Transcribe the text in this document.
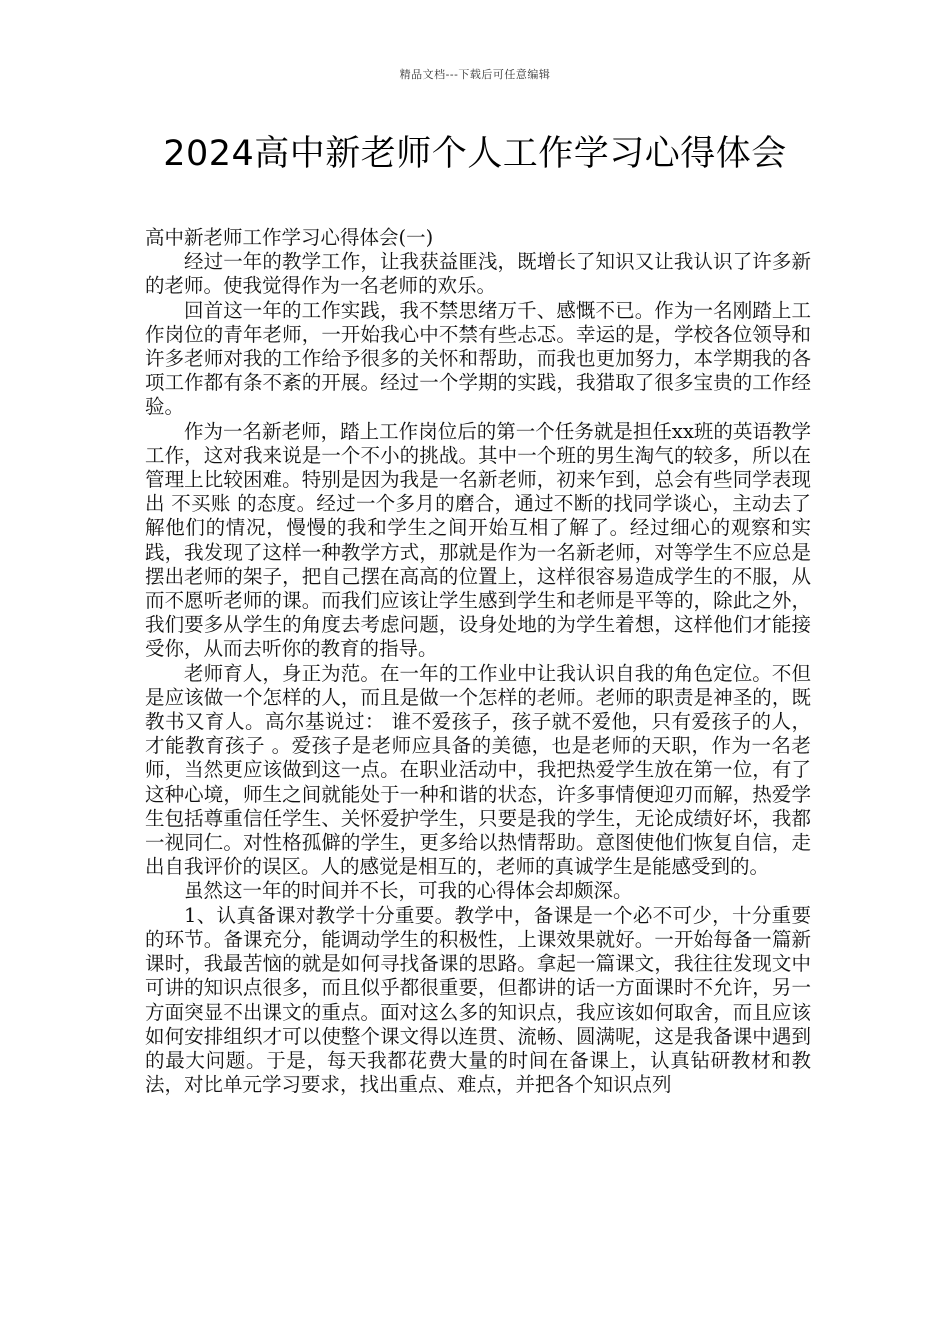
精品文档---下载后可任意编辑
2024高中新老师个人工作学习心得体会

高中新老师工作学习心得体会(一)

经过一年的教学工作，让我获益匪浅，既增长了知识又让我认识了许多新的老师。使我觉得作为一名老师的欢乐。

回首这一年的工作实践，我不禁思绪万千、感慨不已。作为一名刚踏上工作岗位的青年老师，一开始我心中不禁有些忐忑。幸运的是，学校各位领导和许多老师对我的工作给予很多的关怀和帮助，而我也更加努力，本学期我的各项工作都有条不紊的开展。经过一个学期的实践，我猎取了很多宝贵的工作经验。

作为一名新老师，踏上工作岗位后的第一个任务就是担任xx班的英语教学工作，这对我来说是一个不小的挑战。其中一个班的男生淘气的较多，所以在管理上比较困难。特别是因为我是一名新老师，初来乍到，总会有些同学表现出 不买账 的态度。经过一个多月的磨合，通过不断的找同学谈心，主动去了解他们的情况，慢慢的我和学生之间开始互相了解了。经过细心的观察和实践，我发现了这样一种教学方式，那就是作为一名新老师，对等学生不应总是摆出老师的架子，把自己摆在高高的位置上，这样很容易造成学生的不服，从而不愿听老师的课。而我们应该让学生感到学生和老师是平等的，除此之外，我们要多从学生的角度去考虑问题，设身处地的为学生着想，这样他们才能接受你，从而去听你的教育的指导。

老师育人，身正为范。在一年的工作业中让我认识自我的角色定位。不但是应该做一个怎样的人，而且是做一个怎样的老师。老师的职责是神圣的，既教书又育人。高尔基说过： 谁不爱孩子，孩子就不爱他，只有爱孩子的人，才能教育孩子 。爱孩子是老师应具备的美德，也是老师的天职，作为一名老师，当然更应该做到这一点。在职业活动中，我把热爱学生放在第一位，有了这种心境，师生之间就能处于一种和谐的状态，许多事情便迎刃而解，热爱学生包括尊重信任学生、关怀爱护学生，只要是我的学生，无论成绩好坏，我都一视同仁。对性格孤僻的学生，更多给以热情帮助。意图使他们恢复自信，走出自我评价的误区。人的感觉是相互的，老师的真诚学生是能感受到的。

虽然这一年的时间并不长，可我的心得体会却颇深。

1、认真备课对教学十分重要。教学中，备课是一个必不可少，十分重要的环节。备课充分，能调动学生的积极性，上课效果就好。一开始每备一篇新课时，我最苦恼的就是如何寻找备课的思路。拿起一篇课文，我往往发现文中可讲的知识点很多，而且似乎都很重要，但都讲的话一方面课时不允许，另一方面突显不出课文的重点。面对这么多的知识点，我应该如何取舍，而且应该如何安排组织才可以使整个课文得以连贯、流畅、圆满呢，这是我备课中遇到的最大问题。于是，每天我都花费大量的时间在备课上，认真钻研教材和教法，对比单元学习要求，找出重点、难点，并把各个知识点列
